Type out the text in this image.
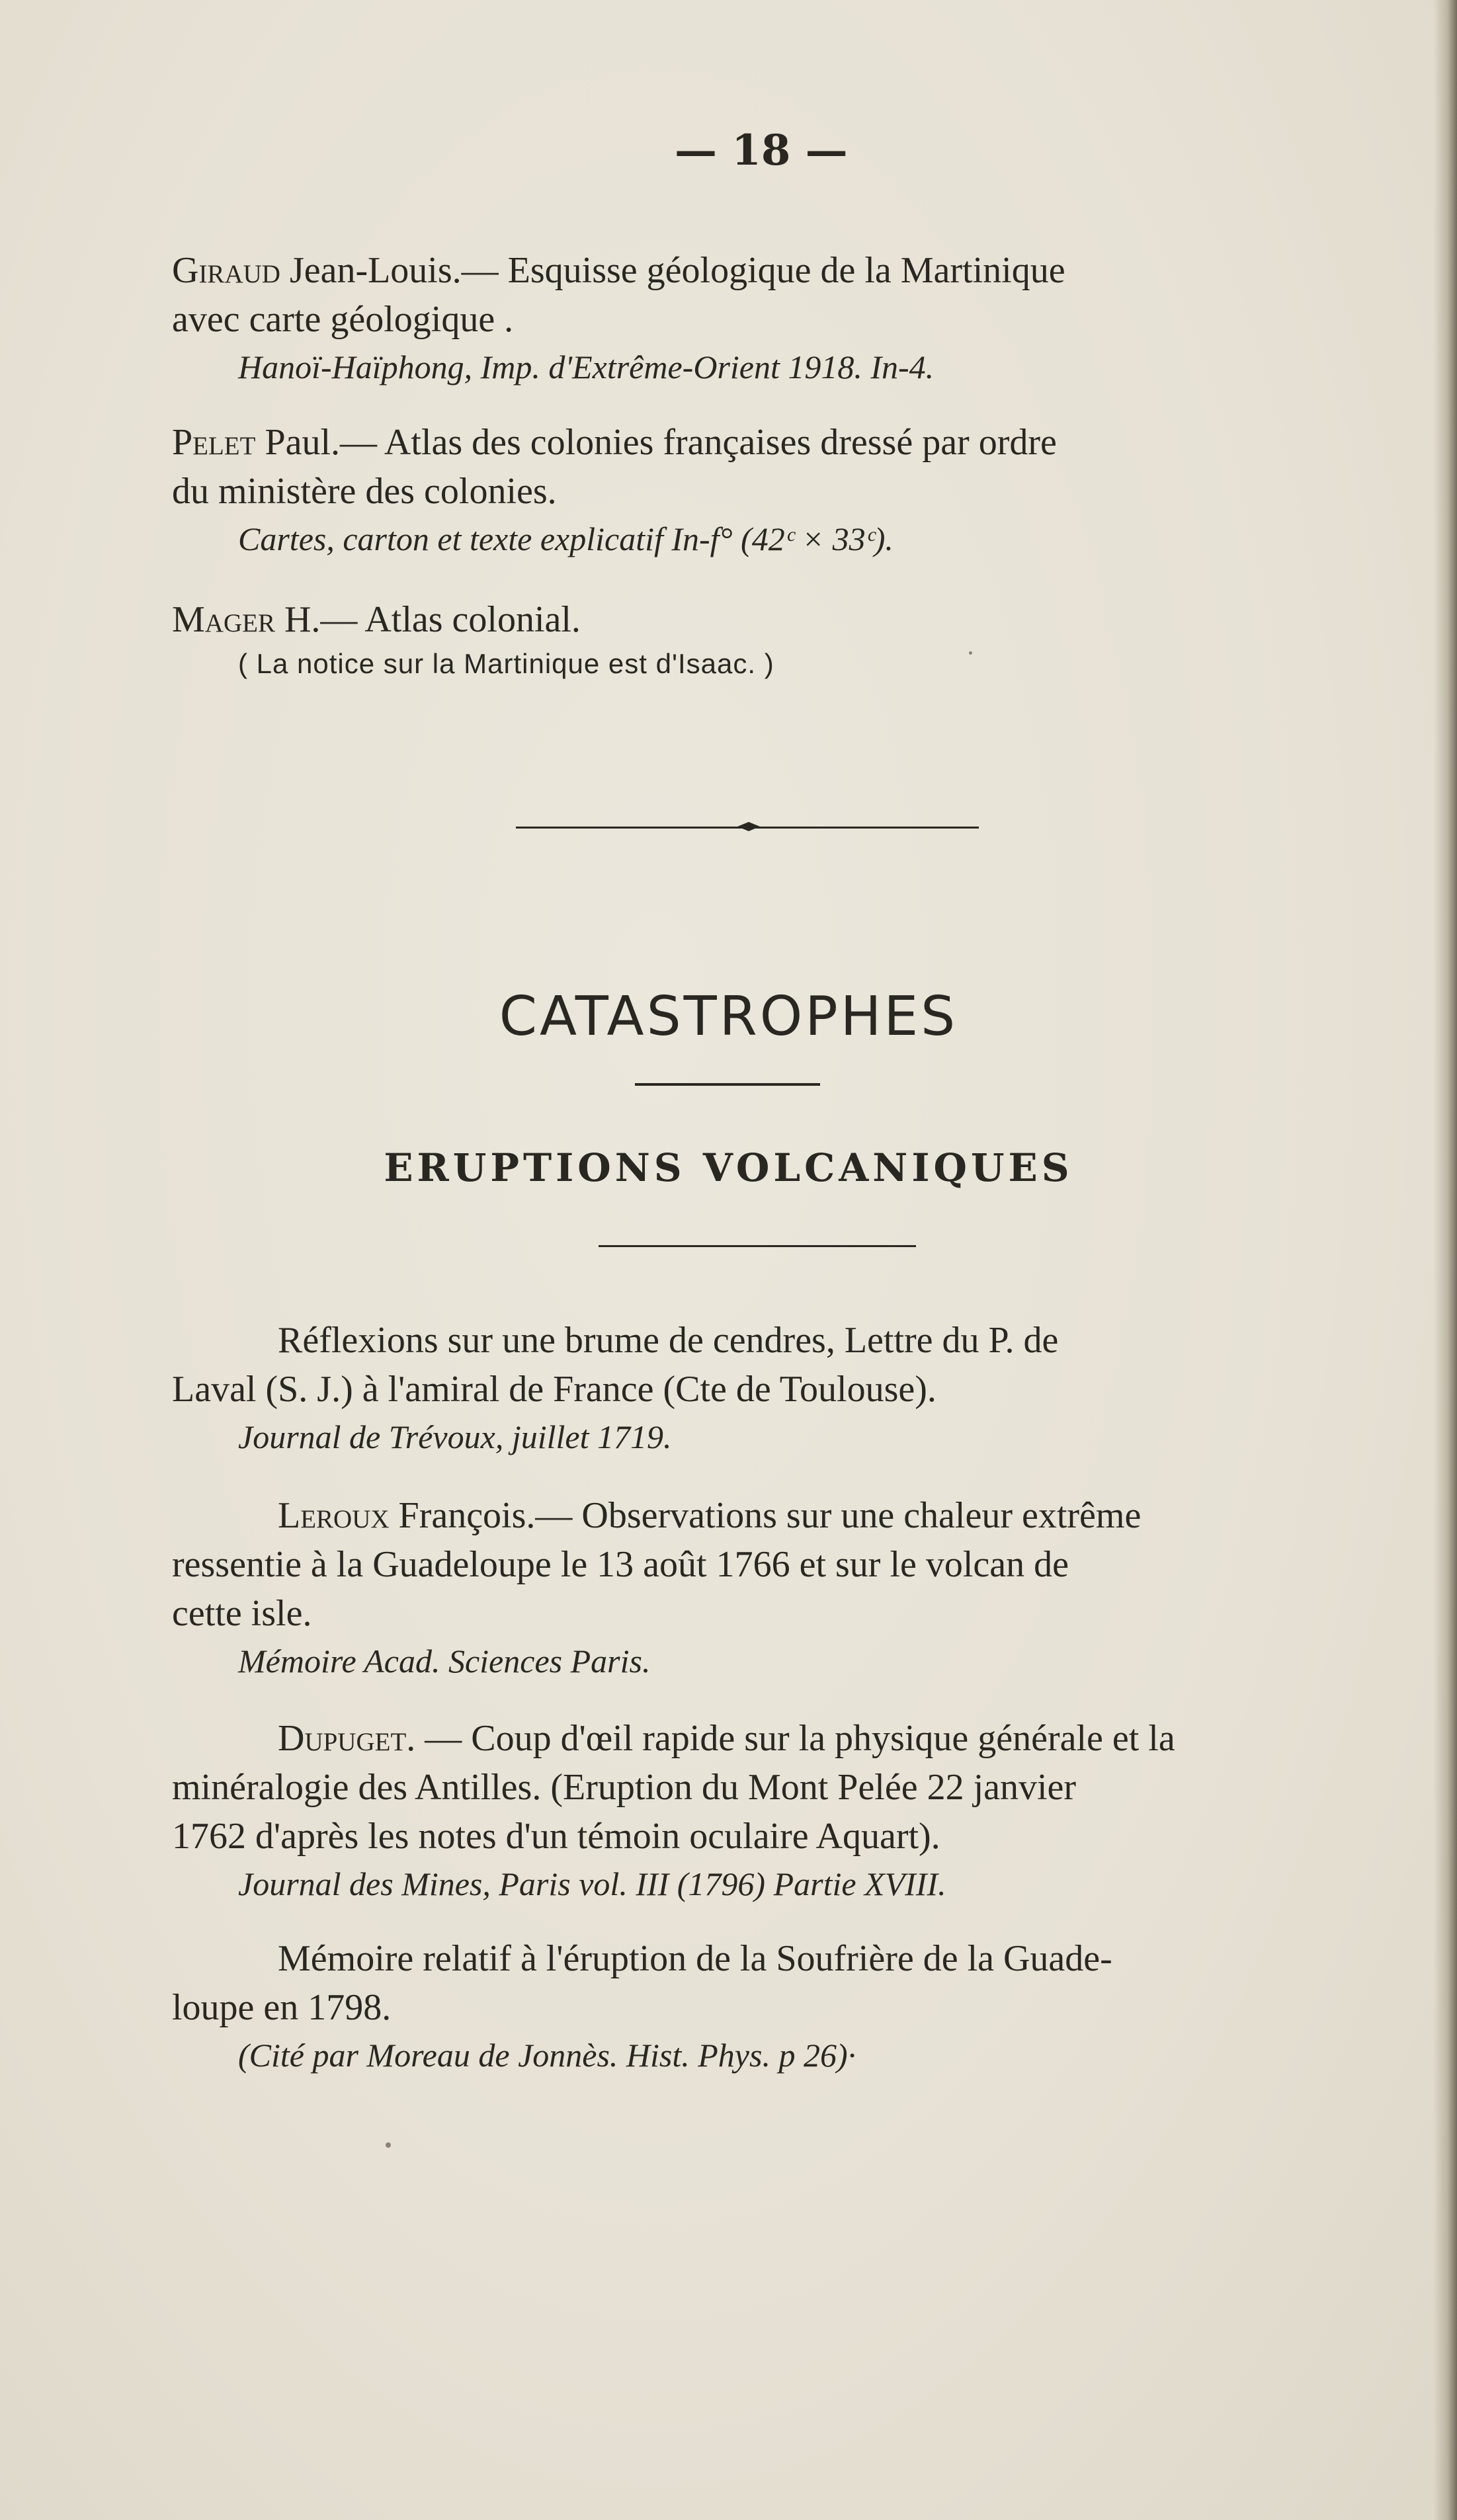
— 18 —
Giraud Jean-Louis.— Esquisse géologique de la Martinique
avec carte géologique .
Hanoï-Haïphong, Imp. d'Extrême-Orient 1918. In-4.
Pelet Paul.— Atlas des colonies françaises dressé par ordre
du ministère des colonies.
Cartes, carton et texte explicatif In-f° (42ᶜ × 33ᶜ).
Mager H.— Atlas colonial.
( La notice sur la Martinique est d'Isaac. )
CATASTROPHES
ERUPTIONS VOLCANIQUES
Réflexions sur une brume de cendres, Lettre du P. de
Laval (S. J.) à l'amiral de France (Cte de Toulouse).
Journal de Trévoux, juillet 1719.
Leroux François.— Observations sur une chaleur extrême
ressentie à la Guadeloupe le 13 août 1766 et sur le volcan de
cette isle.
Mémoire Acad. Sciences Paris.
Dupuget. — Coup d'œil rapide sur la physique générale et la
minéralogie des Antilles. (Eruption du Mont Pelée 22 janvier
1762 d'après les notes d'un témoin oculaire Aquart).
Journal des Mines, Paris vol. III (1796) Partie XVIII.
Mémoire relatif à l'éruption de la Soufrière de la Guade-
loupe en 1798.
(Cité par Moreau de Jonnès. Hist. Phys. p 26)·
